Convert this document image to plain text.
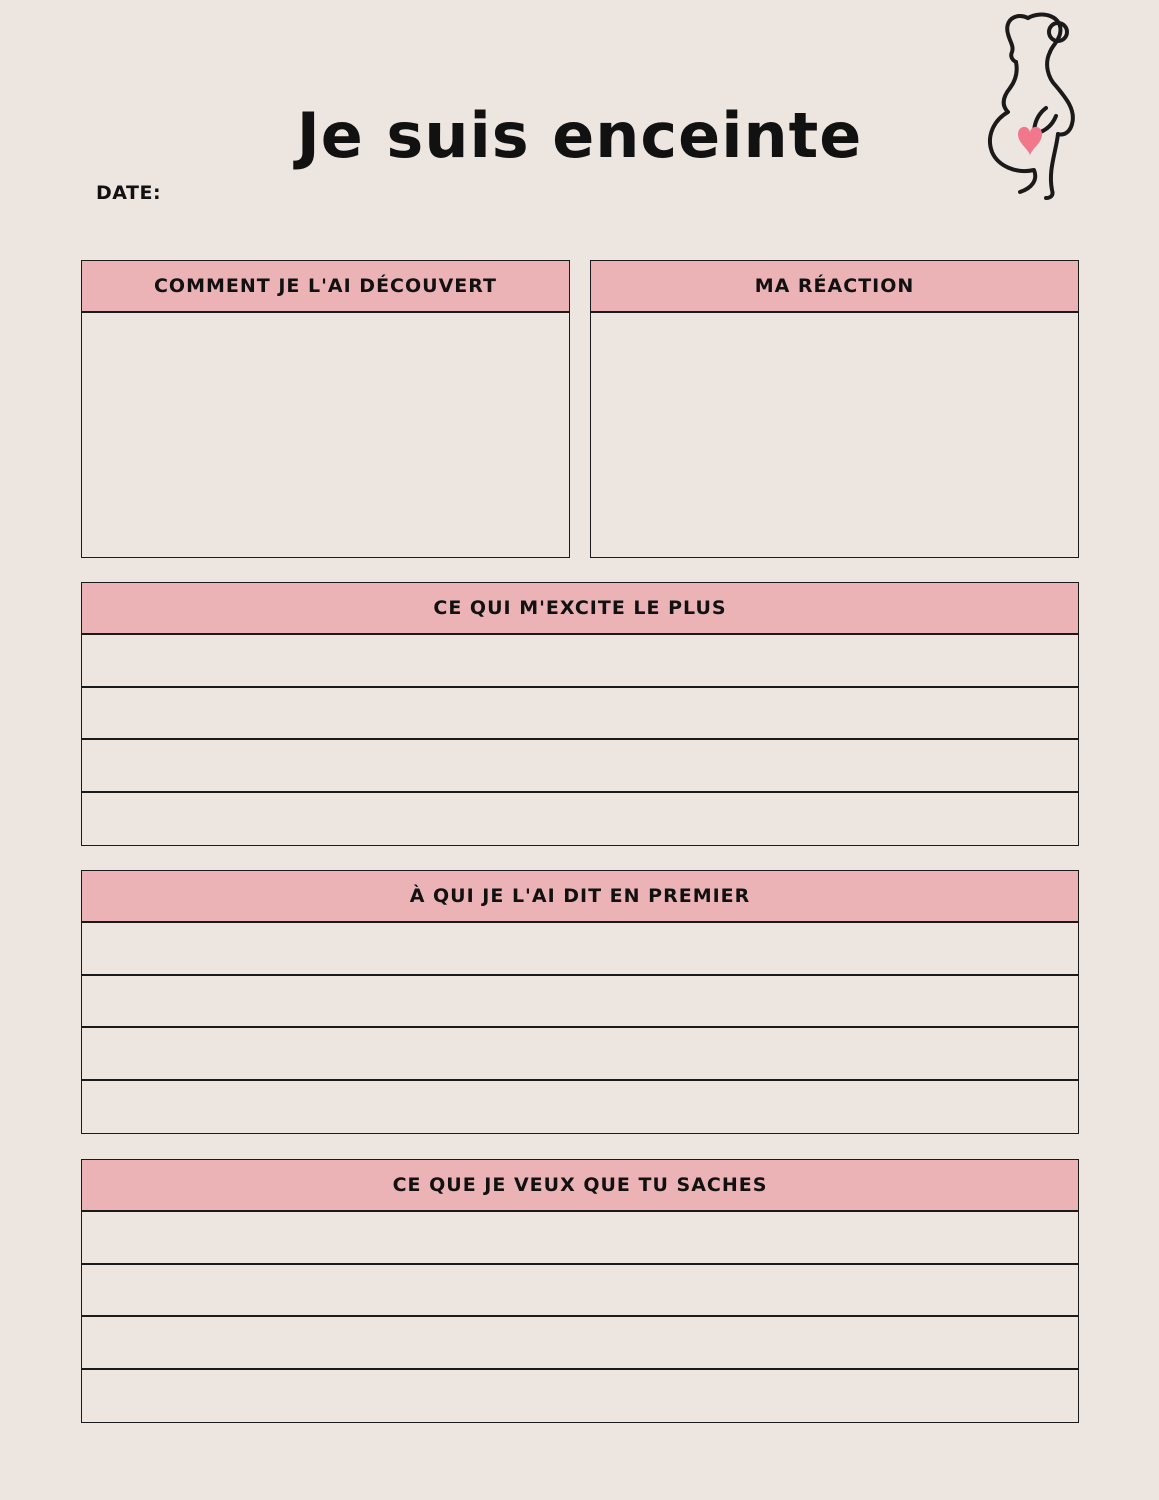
Je suis enceinte
DATE:
COMMENT JE L'AI DÉCOUVERT	MA RÉACTION
CE QUI M'EXCITE LE PLUS
À QUI JE L'AI DIT EN PREMIER
CE QUE JE VEUX QUE TU SACHES
